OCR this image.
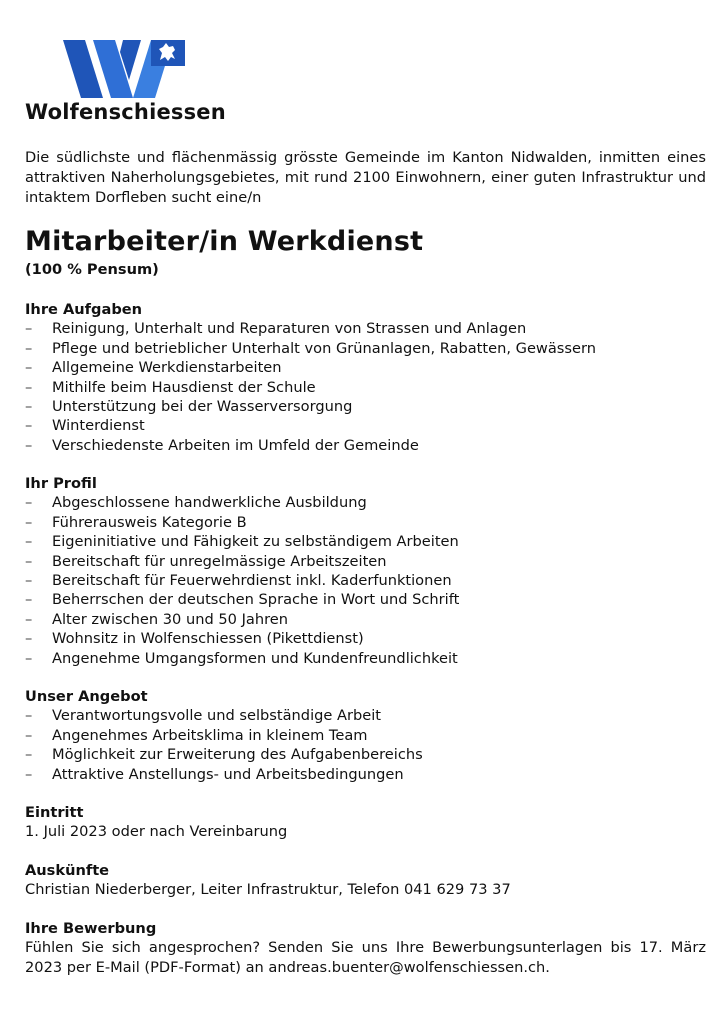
Wolfenschiessen
Die südlichste und flächenmässig grösste Gemeinde im Kanton Nidwalden, inmitten eines attraktiven Naherholungsgebietes, mit rund 2100 Einwohnern, einer guten Infrastruktur und intaktem Dorfleben sucht eine/n
Mitarbeiter/in Werkdienst
(100 % Pensum)
Ihre Aufgaben
– Reinigung, Unterhalt und Reparaturen von Strassen und Anlagen
– Pflege und betrieblicher Unterhalt von Grünanlagen, Rabatten, Gewässern
– Allgemeine Werkdienstarbeiten
– Mithilfe beim Hausdienst der Schule
– Unterstützung bei der Wasserversorgung
– Winterdienst
– Verschiedenste Arbeiten im Umfeld der Gemeinde
Ihr Profil
– Abgeschlossene handwerkliche Ausbildung
– Führerausweis Kategorie B
– Eigeninitiative und Fähigkeit zu selbständigem Arbeiten
– Bereitschaft für unregelmässige Arbeitszeiten
– Bereitschaft für Feuerwehrdienst inkl. Kaderfunktionen
– Beherrschen der deutschen Sprache in Wort und Schrift
– Alter zwischen 30 und 50 Jahren
– Wohnsitz in Wolfenschiessen (Pikettdienst)
– Angenehme Umgangsformen und Kundenfreundlichkeit
Unser Angebot
– Verantwortungsvolle und selbständige Arbeit
– Angenehmes Arbeitsklima in kleinem Team
– Möglichkeit zur Erweiterung des Aufgabenbereichs
– Attraktive Anstellungs- und Arbeitsbedingungen
Eintritt

1. Juli 2023 oder nach Vereinbarung

Auskünfte

Christian Niederberger, Leiter Infrastruktur, Telefon 041 629 73 37

Ihre Bewerbung

Fühlen Sie sich angesprochen? Senden Sie uns Ihre Bewerbungsunterlagen bis 17. März 2023 per E-Mail (PDF-Format) an andreas.buenter@wolfenschiessen.ch.
